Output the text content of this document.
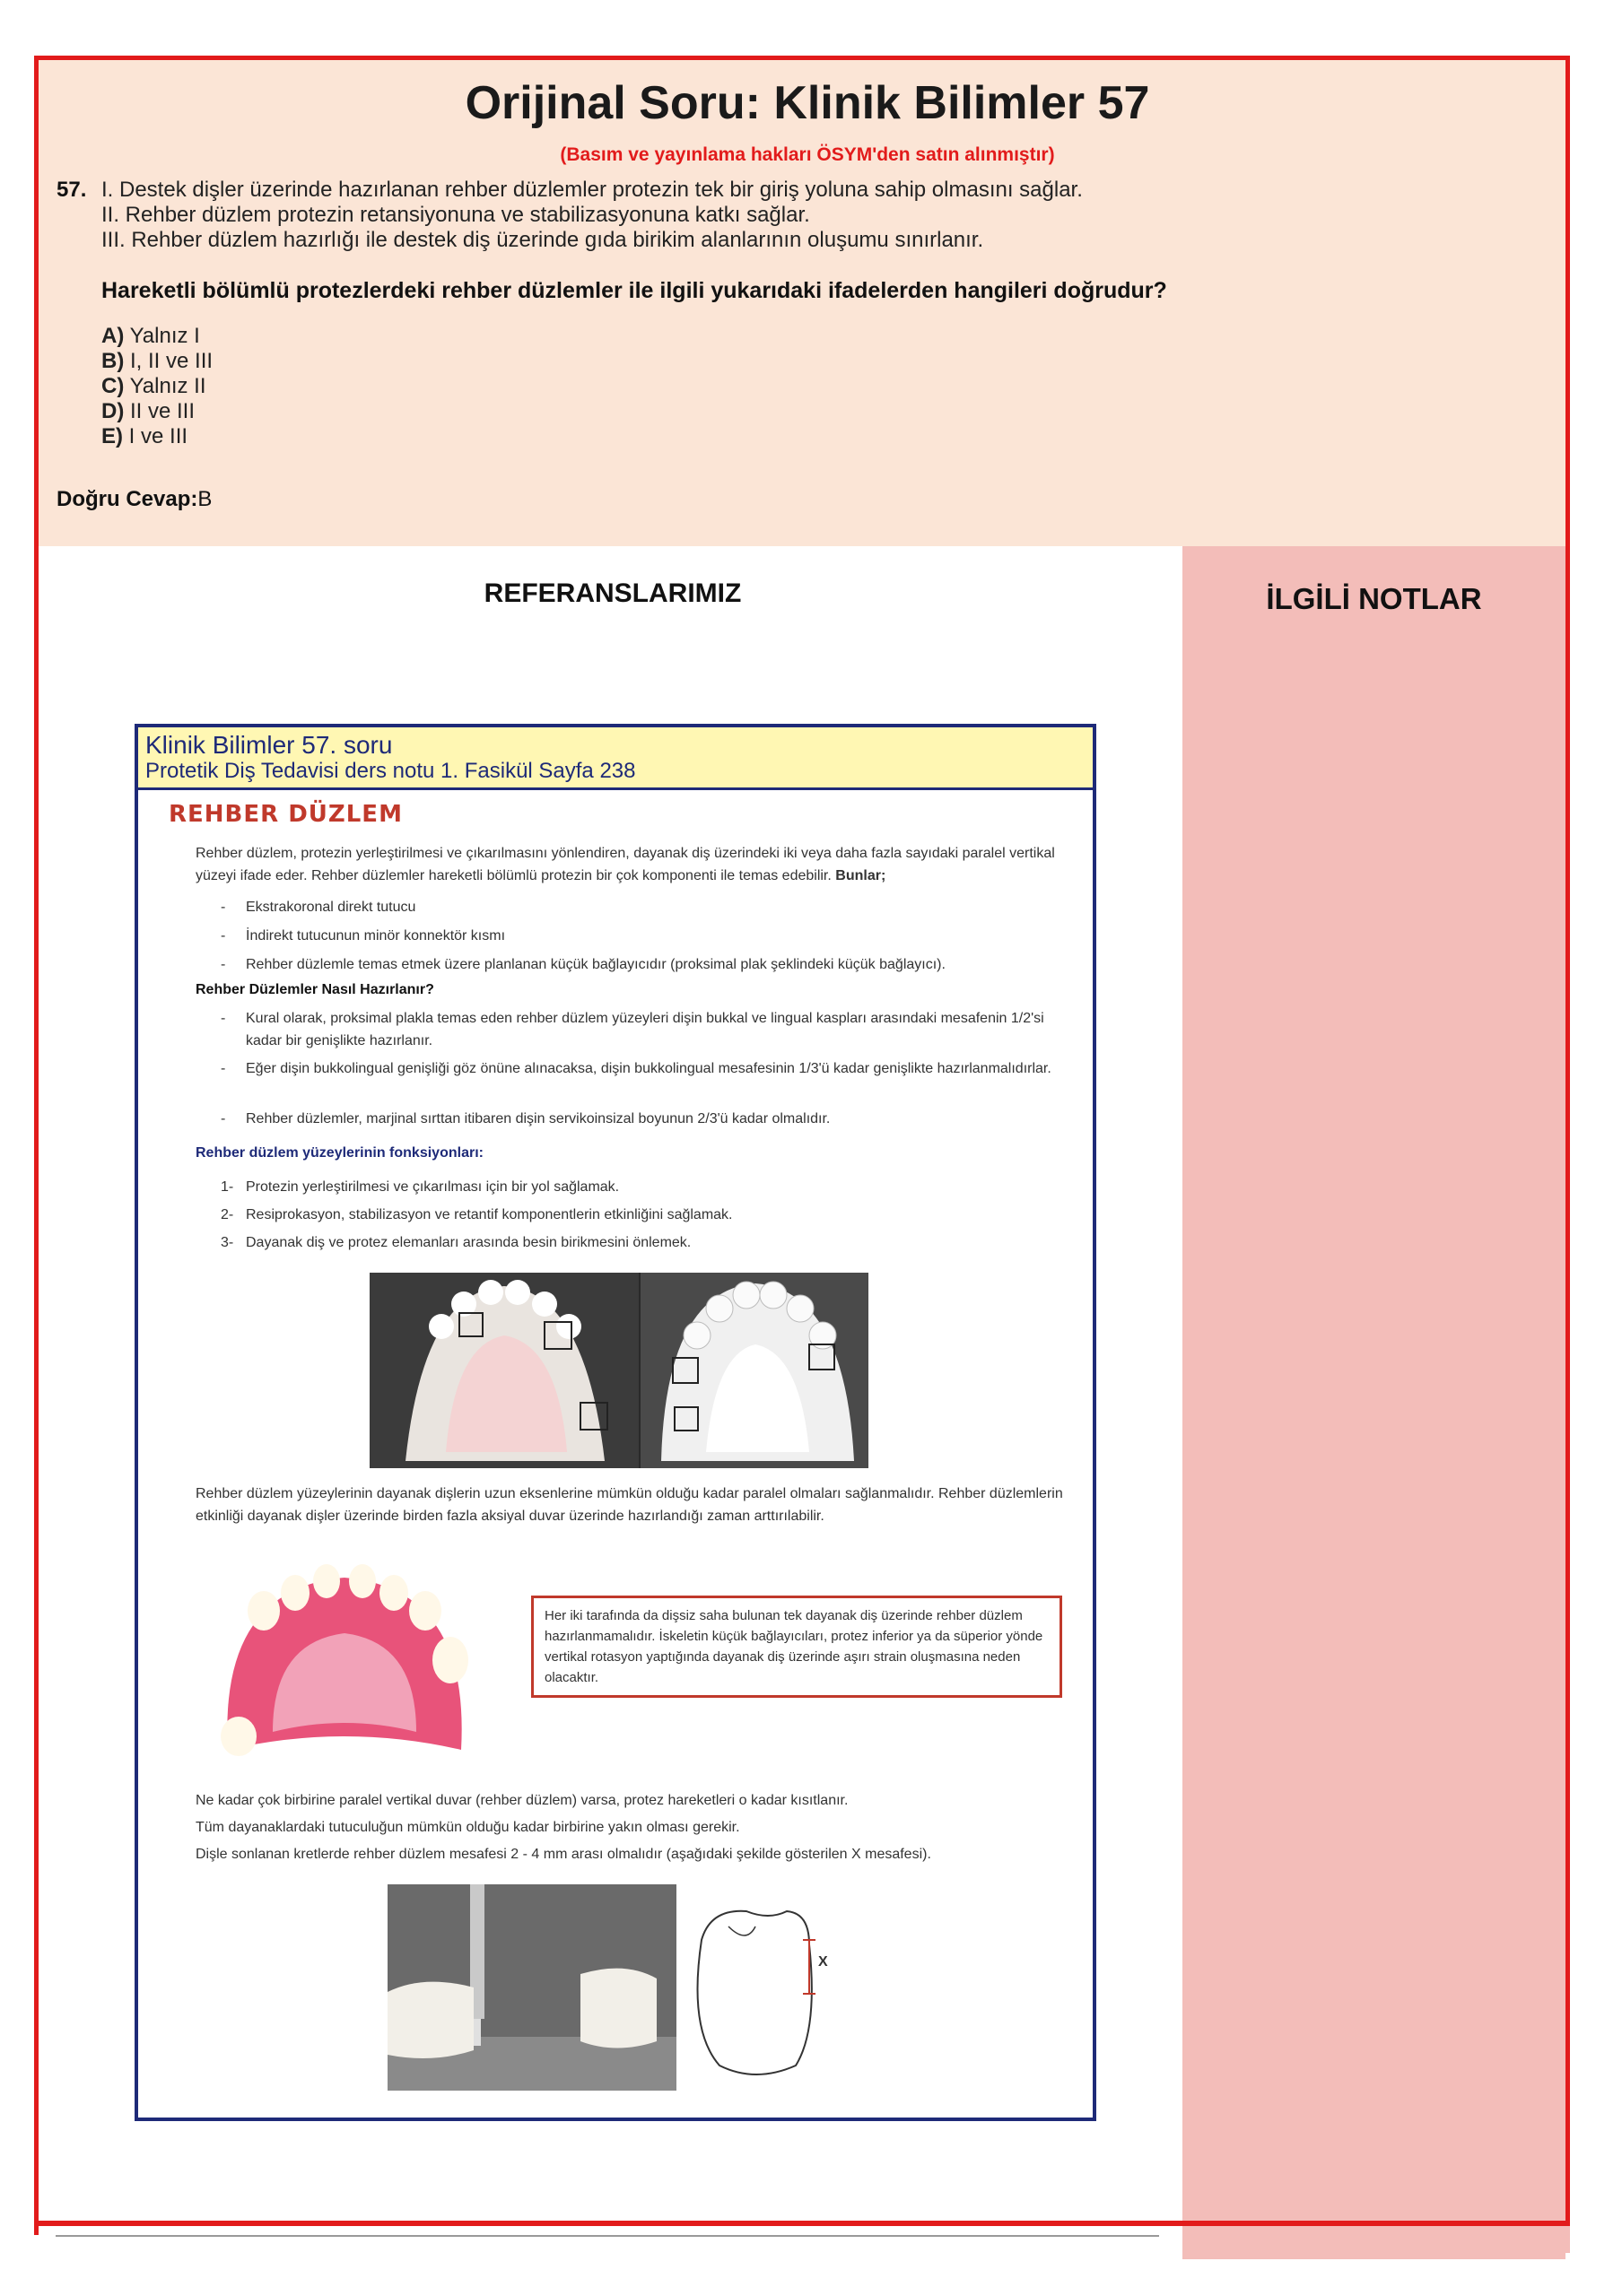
Orijinal Soru: Klinik Bilimler 57
(Basım ve yayınlama hakları ÖSYM'den satın alınmıştır)
57. I. Destek dişler üzerinde hazırlanan rehber düzlemler protezin tek bir giriş yoluna sahip olmasını sağlar.
II. Rehber düzlem protezin retansiyonuna ve stabilizasyonuna katkı sağlar.
III. Rehber düzlem hazırlığı ile destek diş üzerinde gıda birikim alanlarının oluşumu sınırlanır.
Hareketli bölümlü protezlerdeki rehber düzlemler ile ilgili yukarıdaki ifadelerden hangileri doğrudur?
A) Yalnız I
B) I, II ve III
C) Yalnız II
D) II ve III
E) I ve III
Doğru Cevap:B
REFERANSLARIMIZ	İLGİLİ NOTLAR
Klinik Bilimler 57. soru
Protetik Diş Tedavisi ders notu 1. Fasikül Sayfa 238
REHBER DÜZLEM
Rehber düzlem, protezin yerleştirilmesi ve çıkarılmasını yönlendiren, dayanak diş üzerindeki iki veya daha fazla sayıdaki paralel vertikal yüzeyi ifade eder. Rehber düzlemler hareketli bölümlü protezin bir çok komponenti ile temas edebilir. Bunlar;
- Ekstrakoronal direkt tutucu
- İndirekt tutucunun minör konnektör kısmı
- Rehber düzlemle temas etmek üzere planlanan küçük bağlayıcıdır (proksimal plak şeklindeki küçük bağlayıcı).
Rehber Düzlemler Nasıl Hazırlanır?
- Kural olarak, proksimal plakla temas eden rehber düzlem yüzeyleri dişin bukkal ve lingual kaspları arasındaki mesafenin 1/2'si kadar bir genişlikte hazırlanır.
- Eğer dişin bukkolingual genişliği göz önüne alınacaksa, dişin bukkolingual mesafesinin 1/3'ü kadar genişlikte hazırlanmalıdırlar.
- Rehber düzlemler, marjinal sırttan itibaren dişin servikoinsizal boyunun 2/3'ü kadar olmalıdır.
Rehber düzlem yüzeylerinin fonksiyonları:
1- Protezin yerleştirilmesi ve çıkarılması için bir yol sağlamak.
2- Resiprokasyon, stabilizasyon ve retantif komponentlerin etkinliğini sağlamak.
3- Dayanak diş ve protez elemanları arasında besin birikmesini önlemek.
Rehber düzlem yüzeylerinin dayanak dişlerin uzun eksenlerine mümkün olduğu kadar paralel olmaları sağlanmalıdır. Rehber düzlemlerin etkinliği dayanak dişler üzerinde birden fazla aksiyal duvar üzerinde hazırlandığı zaman arttırılabilir.
Her iki tarafında da dişsiz saha bulunan tek dayanak diş üzerinde rehber düzlem hazırlanmamalıdır. İskeletin küçük bağlayıcıları, protez inferior ya da süperior yönde vertikal rotasyon yaptığında dayanak diş üzerinde aşırı strain oluşmasına neden olacaktır.
Ne kadar çok birbirine paralel vertikal duvar (rehber düzlem) varsa, protez hareketleri o kadar kısıtlanır.
Tüm dayanaklardaki tutuculuğun mümkün olduğu kadar birbirine yakın olması gerekir.
Dişle sonlanan kretlerde rehber düzlem mesafesi 2 - 4 mm arası olmalıdır (aşağıdaki şekilde gösterilen X mesafesi).
X
